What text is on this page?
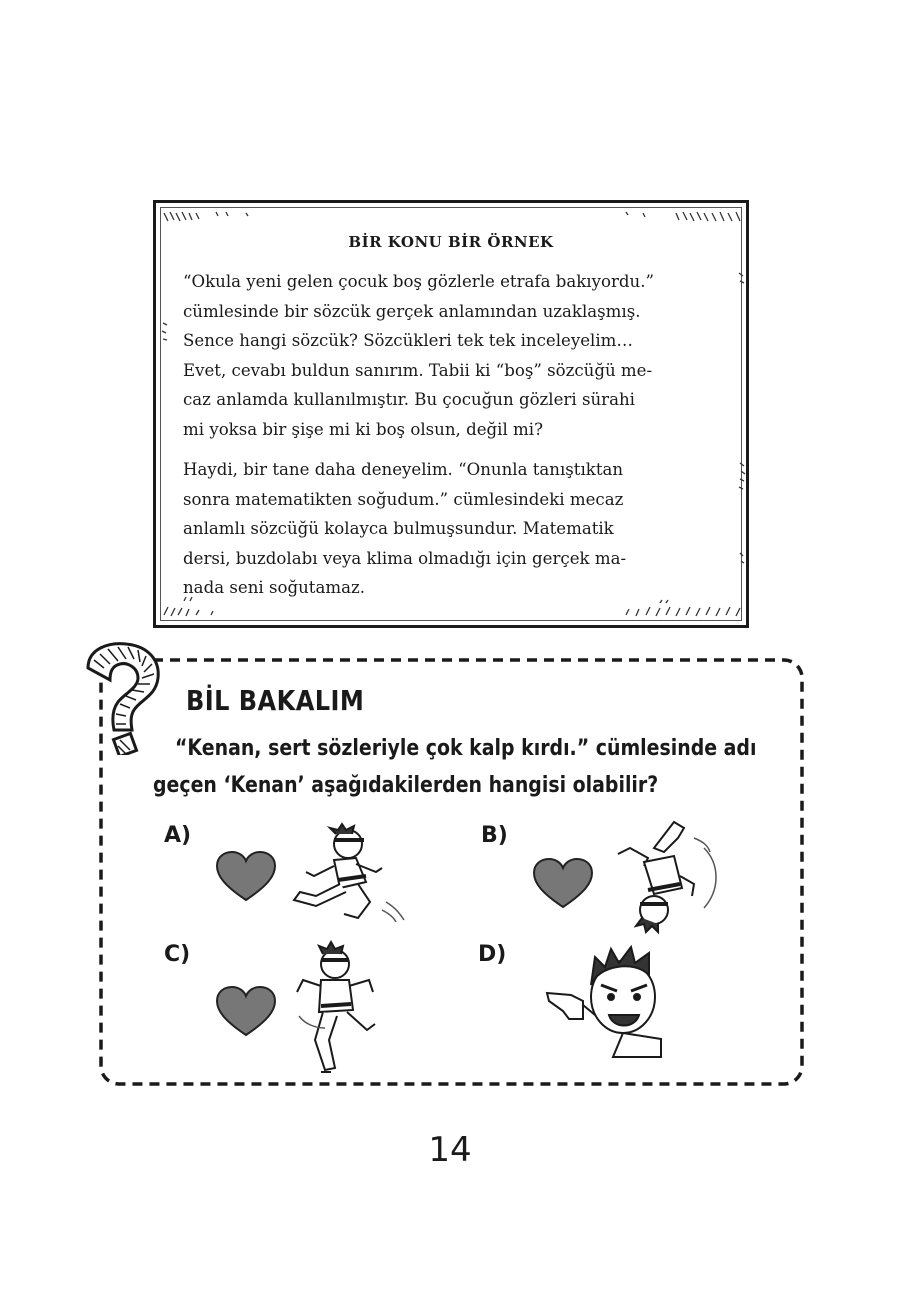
BİR KONU BİR ÖRNEK

“Okula yeni gelen çocuk boş gözlerle etrafa bakıyordu.”
cümlesinde bir sözcük gerçek anlamından uzaklaşmış.
Sence hangi sözcük? Sözcükleri tek tek inceleyelim…
Evet, cevabı buldun sanırım. Tabii ki “boş” sözcüğü me-
caz anlamda kullanılmıştır. Bu çocuğun gözleri sürahi
mi yoksa bir şişe mi ki boş olsun, değil mi?

Haydi, bir tane daha deneyelim. “Onunla tanıştıktan
sonra matematikten soğudum.” cümlesindeki mecaz
anlamlı sözcüğü kolayca bulmuşsundur. Matematik
dersi, buzdolabı veya klima olmadığı için gerçek ma-
nada seni soğutamaz.

BİL BAKALIM
“Kenan, sert sözleriyle çok kalp kırdı.” cümlesinde adı
geçen ‘Kenan’ aşağıdakilerden hangisi olabilir?
A)	B)
C)	D)
14
